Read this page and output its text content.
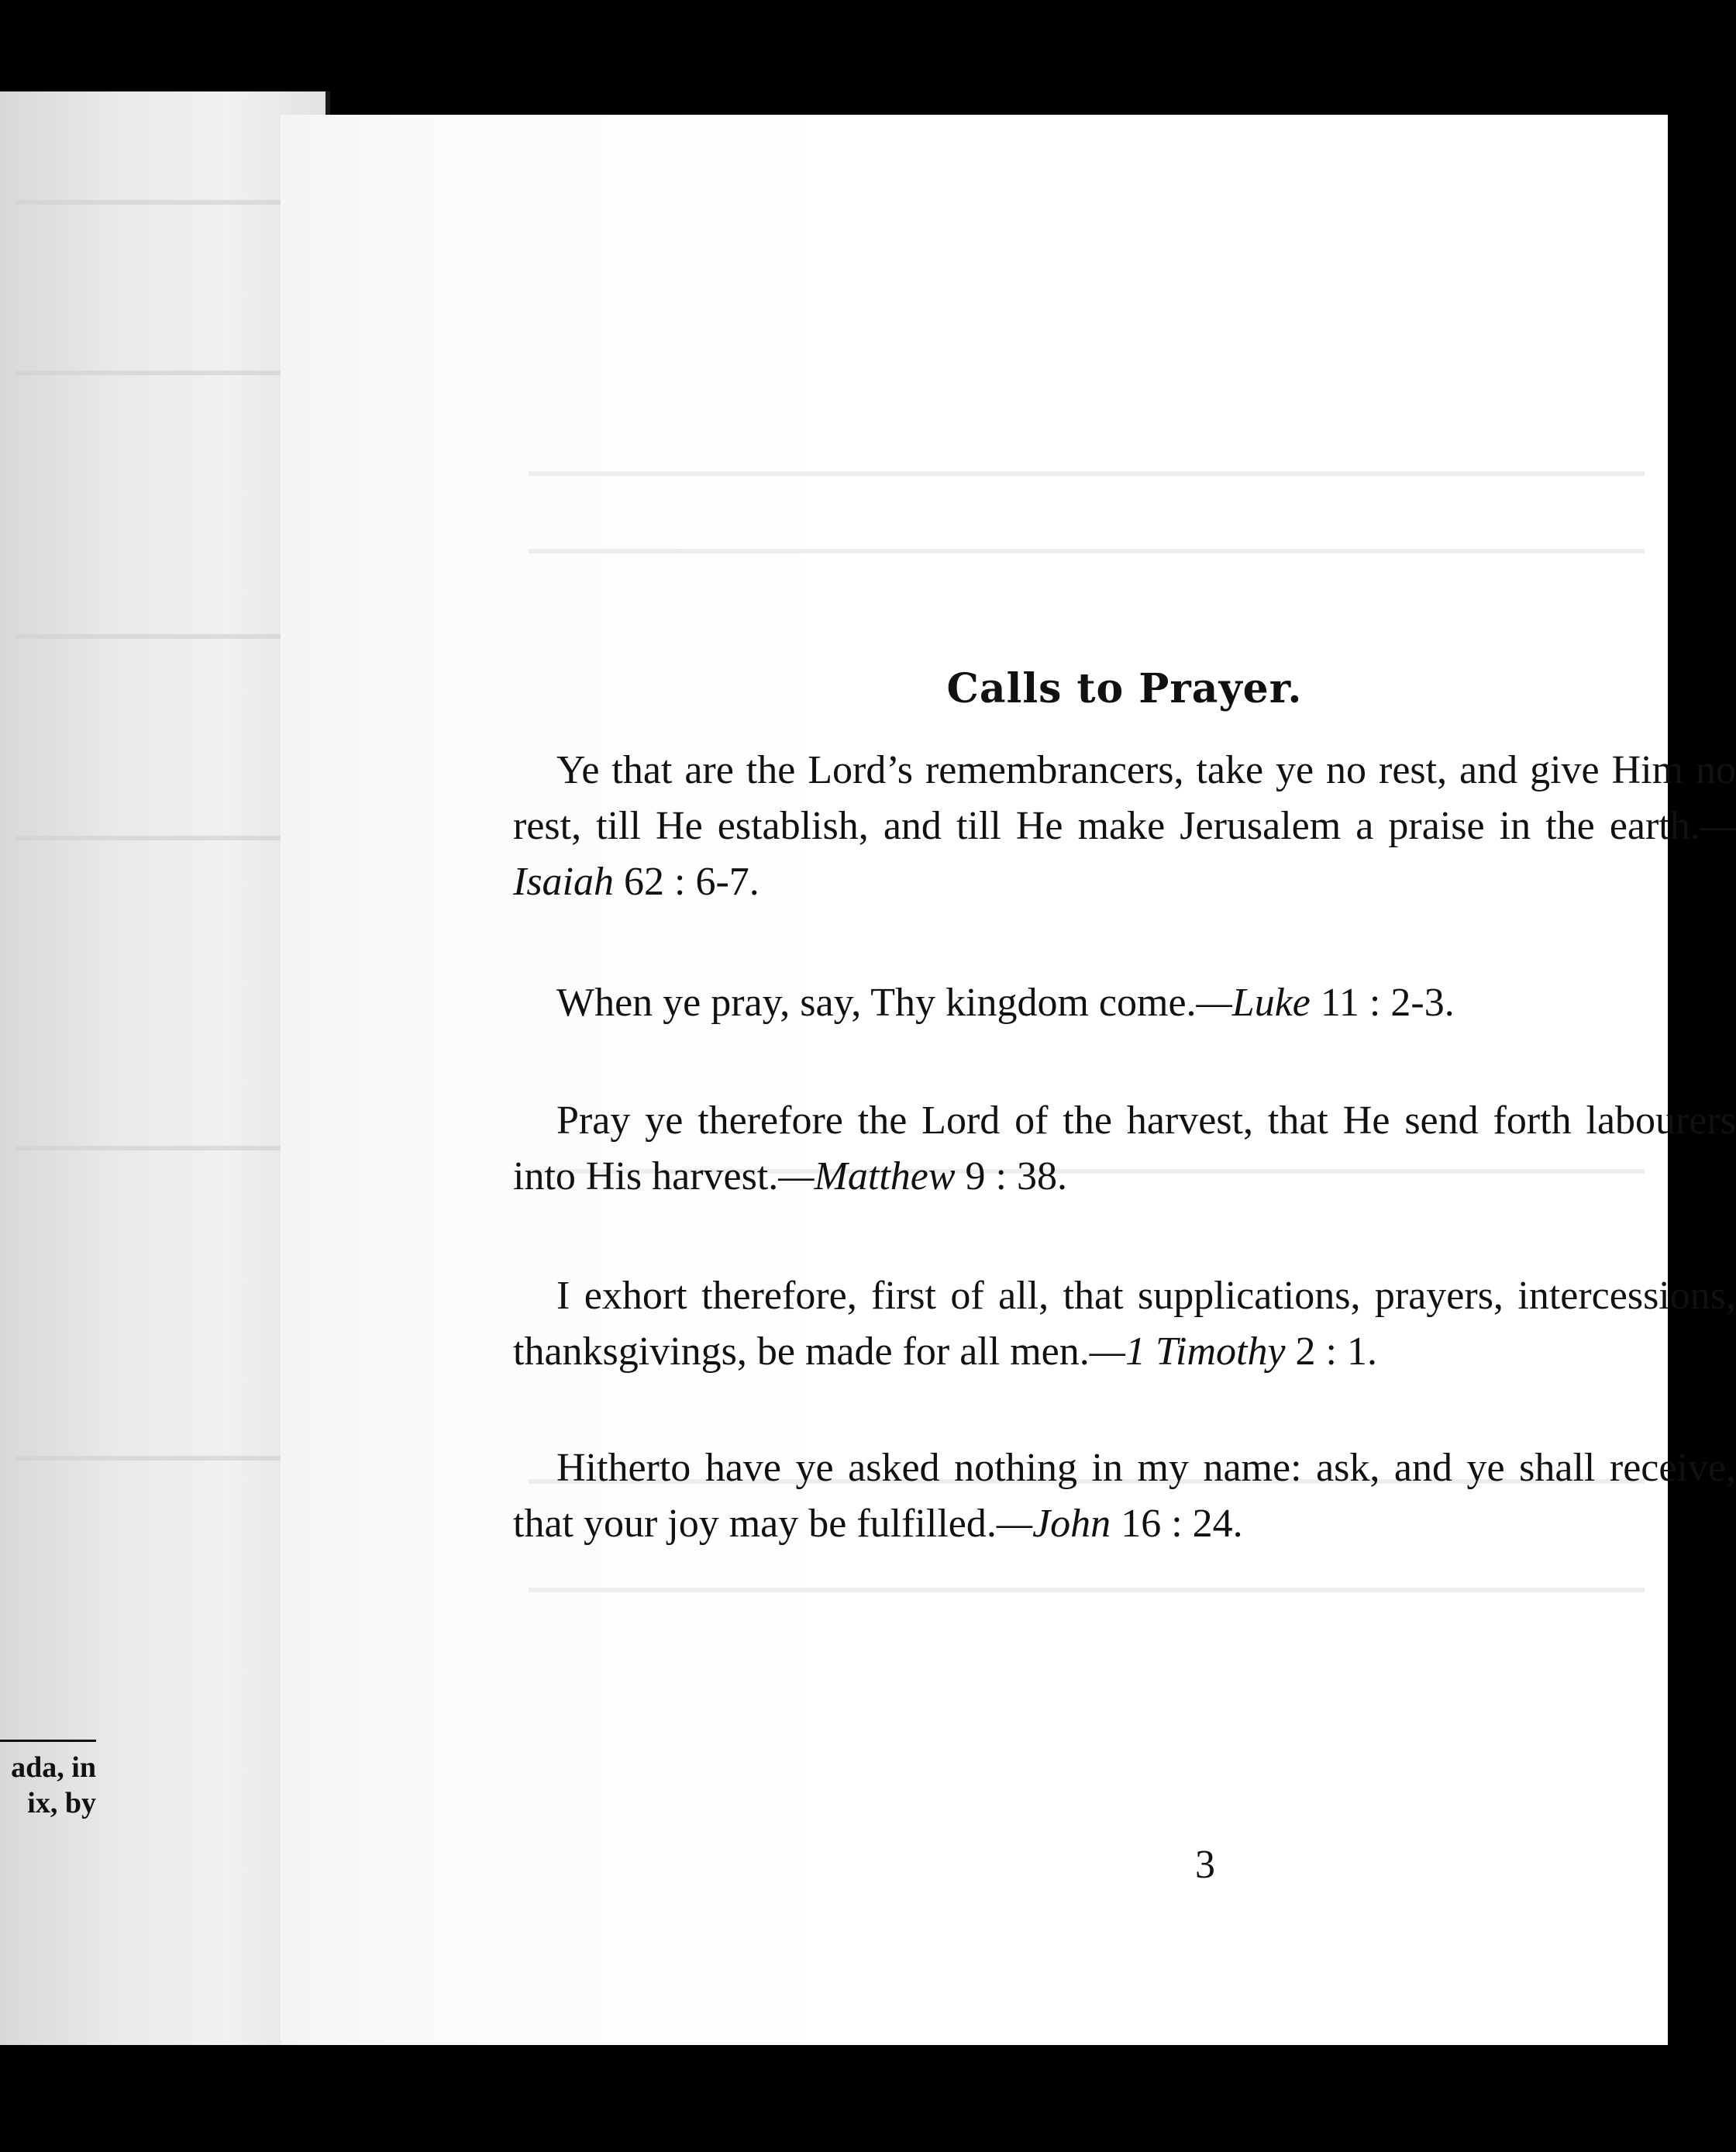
ada, in
ix, by
Calls to Prayer.

Ye that are the Lord’s remembrancers, take ye no rest, and give Him no rest, till He establish, and till He make Jerusalem a praise in the earth.—Isaiah 62 : 6-7.

When ye pray, say, Thy kingdom come.—Luke 11 : 2-3.

Pray ye therefore the Lord of the harvest, that He send forth labourers into His harvest.—Matthew 9 : 38.

I exhort therefore, first of all, that supplications, prayers, intercessions, thanksgivings, be made for all men.—1 Timothy 2 : 1.

Hitherto have ye asked nothing in my name: ask, and ye shall receive, that your joy may be fulfilled.—John 16 : 24.

3
